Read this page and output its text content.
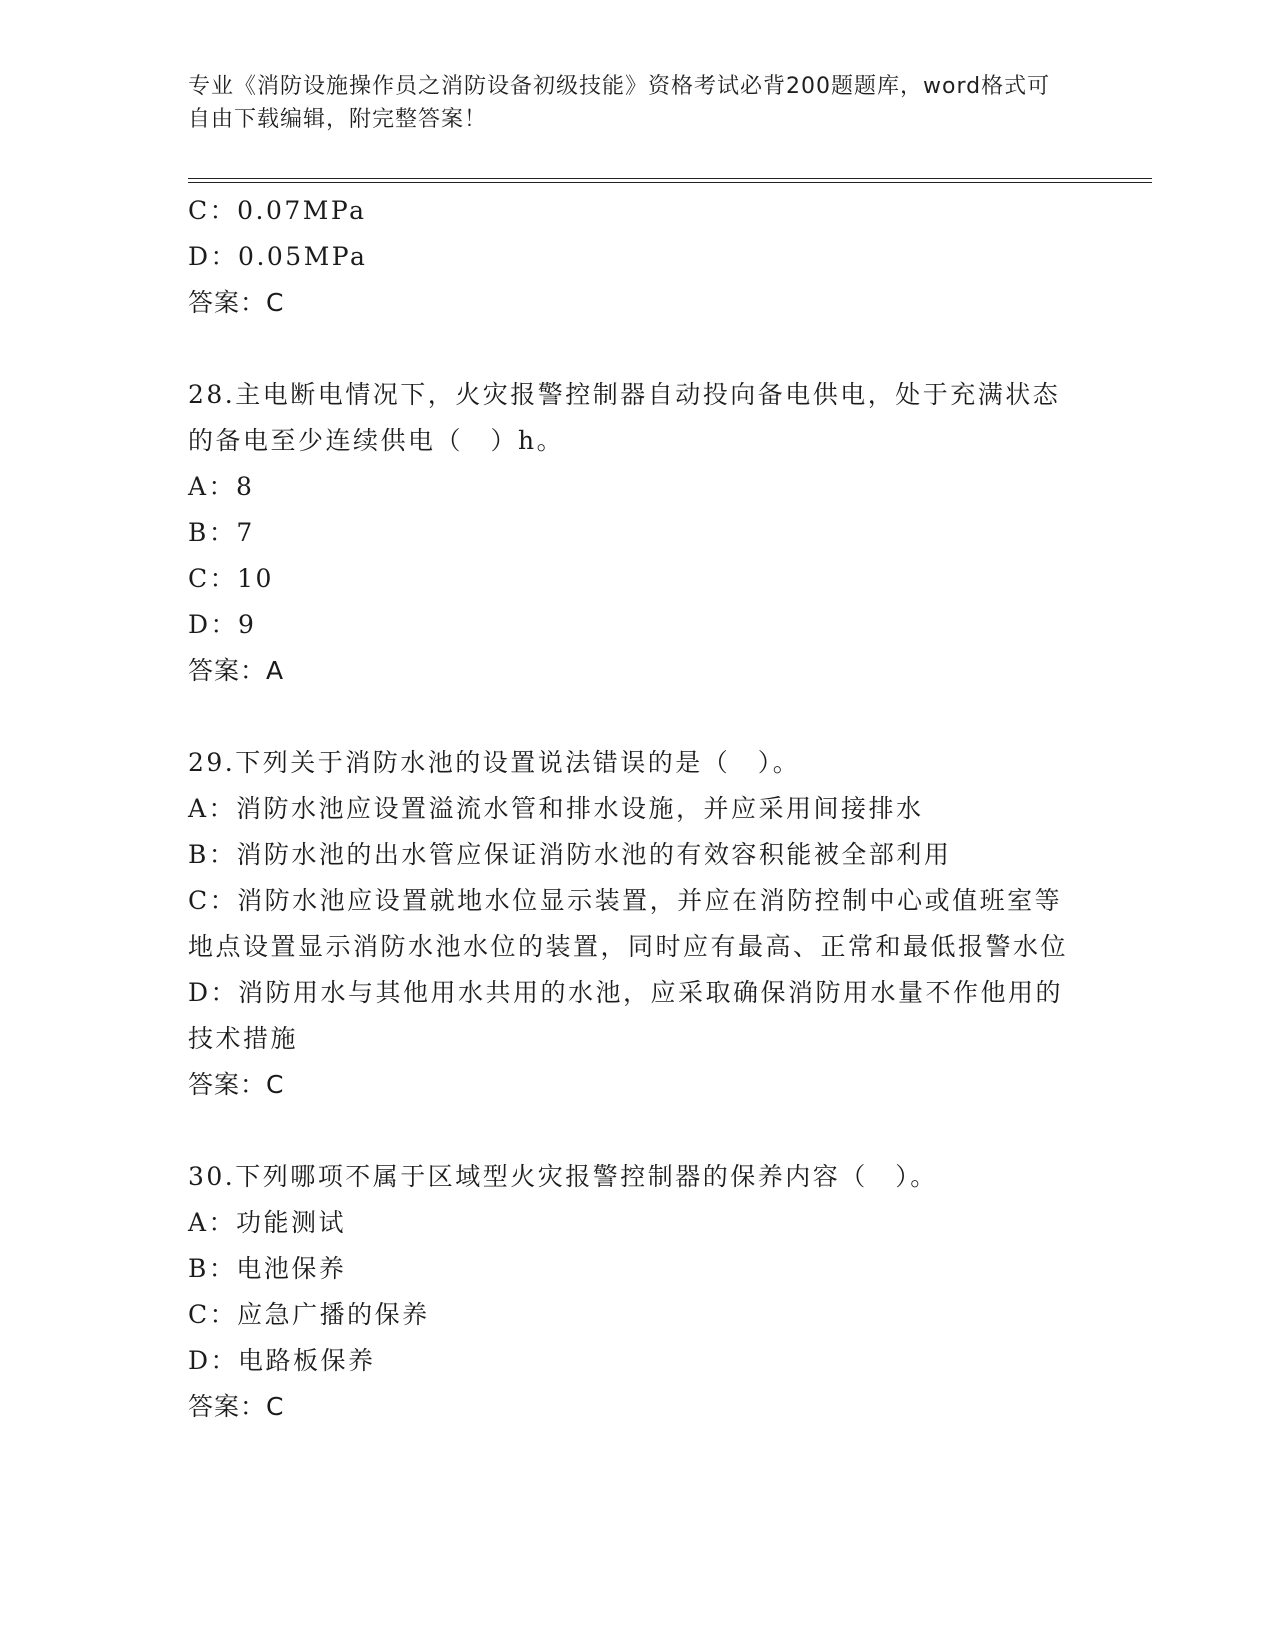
专业《消防设施操作员之消防设备初级技能》资格考试必背200题题库，word格式可自由下载编辑，附完整答案！
C：0.07MPa
D：0.05MPa
答案：C
28.主电断电情况下，火灾报警控制器自动投向备电供电，处于充满状态的备电至少连续供电（　）h。
A：8
B：7
C：10
D：9
答案：A
29.下列关于消防水池的设置说法错误的是（　）。
A：消防水池应设置溢流水管和排水设施，并应采用间接排水
B：消防水池的出水管应保证消防水池的有效容积能被全部利用
C：消防水池应设置就地水位显示装置，并应在消防控制中心或值班室等地点设置显示消防水池水位的装置，同时应有最高、正常和最低报警水位
D：消防用水与其他用水共用的水池，应采取确保消防用水量不作他用的技术措施
答案：C
30.下列哪项不属于区域型火灾报警控制器的保养内容（　）。
A：功能测试
B：电池保养
C：应急广播的保养
D：电路板保养
答案：C
